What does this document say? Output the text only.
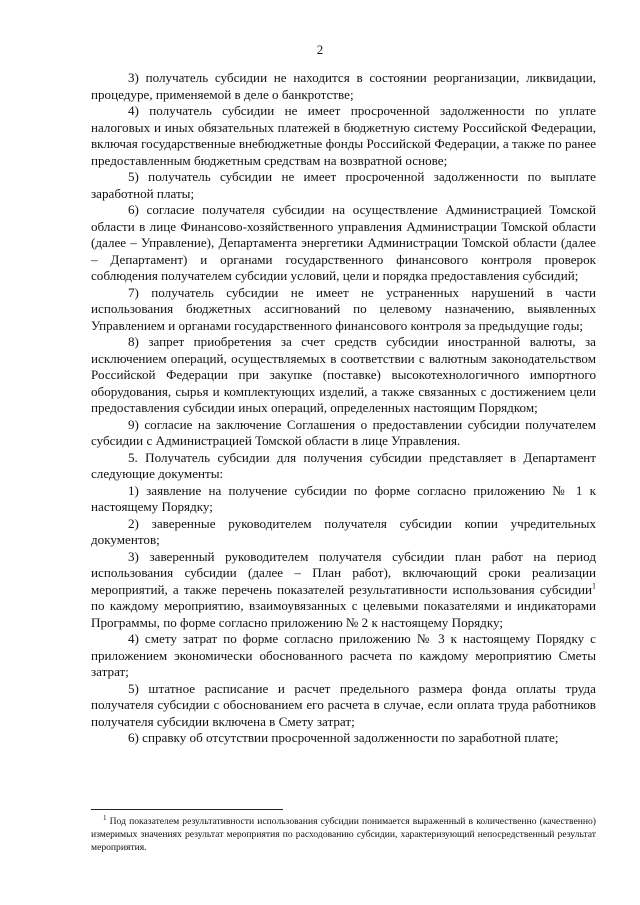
2

3) получатель субсидии не находится в состоянии реорганизации, ликвидации, процедуре, применяемой в деле о банкротстве;

4) получатель субсидии не имеет просроченной задолженности по уплате налоговых и иных обязательных платежей в бюджетную систему Российской Федерации, включая государственные внебюджетные фонды Российской Федерации, а также по ранее предоставленным бюджетным средствам на возвратной основе;

5) получатель субсидии не имеет просроченной задолженности по выплате заработной платы;

6) согласие получателя субсидии на осуществление Администрацией Томской области в лице Финансово-хозяйственного управления Администрации Томской области (далее – Управление), Департамента энергетики Администрации Томской области (далее – Департамент) и органами государственного финансового контроля проверок соблюдения получателем субсидии условий, цели и порядка предоставления субсидий;

7) получатель субсидии не имеет не устраненных нарушений в части использования бюджетных ассигнований по целевому назначению, выявленных Управлением и органами государственного финансового контроля за предыдущие годы;

8) запрет приобретения за счет средств субсидии иностранной валюты, за исключением операций, осуществляемых в соответствии с валютным законодательством Российской Федерации при закупке (поставке) высокотехнологичного импортного оборудования, сырья и комплектующих изделий, а также связанных с достижением цели предоставления субсидии иных операций, определенных настоящим Порядком;

9) согласие на заключение Соглашения о предоставлении субсидии получателем субсидии с Администрацией Томской области в лице Управления.

5. Получатель субсидии для получения субсидии представляет в Департамент следующие документы:

1) заявление на получение субсидии по форме согласно приложению № 1 к настоящему Порядку;

2) заверенные руководителем получателя субсидии копии учредительных документов;

3) заверенный руководителем получателя субсидии план работ на период использования субсидии (далее – План работ), включающий сроки реализации мероприятий, а также перечень показателей результативности использования субсидии$^1$ по каждому мероприятию, взаимоувязанных с целевыми показателями и индикаторами Программы, по форме согласно приложению № 2 к настоящему Порядку;

4) смету затрат по форме согласно приложению № 3 к настоящему Порядку с приложением экономически обоснованного расчета по каждому мероприятию Сметы затрат;

5) штатное расписание и расчет предельного размера фонда оплаты труда получателя субсидии с обоснованием его расчета в случае, если оплата труда работников получателя субсидии включена в Смету затрат;

6) справку об отсутствии просроченной задолженности по заработной плате;

$^1$ Под показателем результативности использования субсидии понимается выраженный в количественно (качественно) измеримых значениях результат мероприятия по расходованию субсидии, характеризующий непосредственный результат мероприятия.
